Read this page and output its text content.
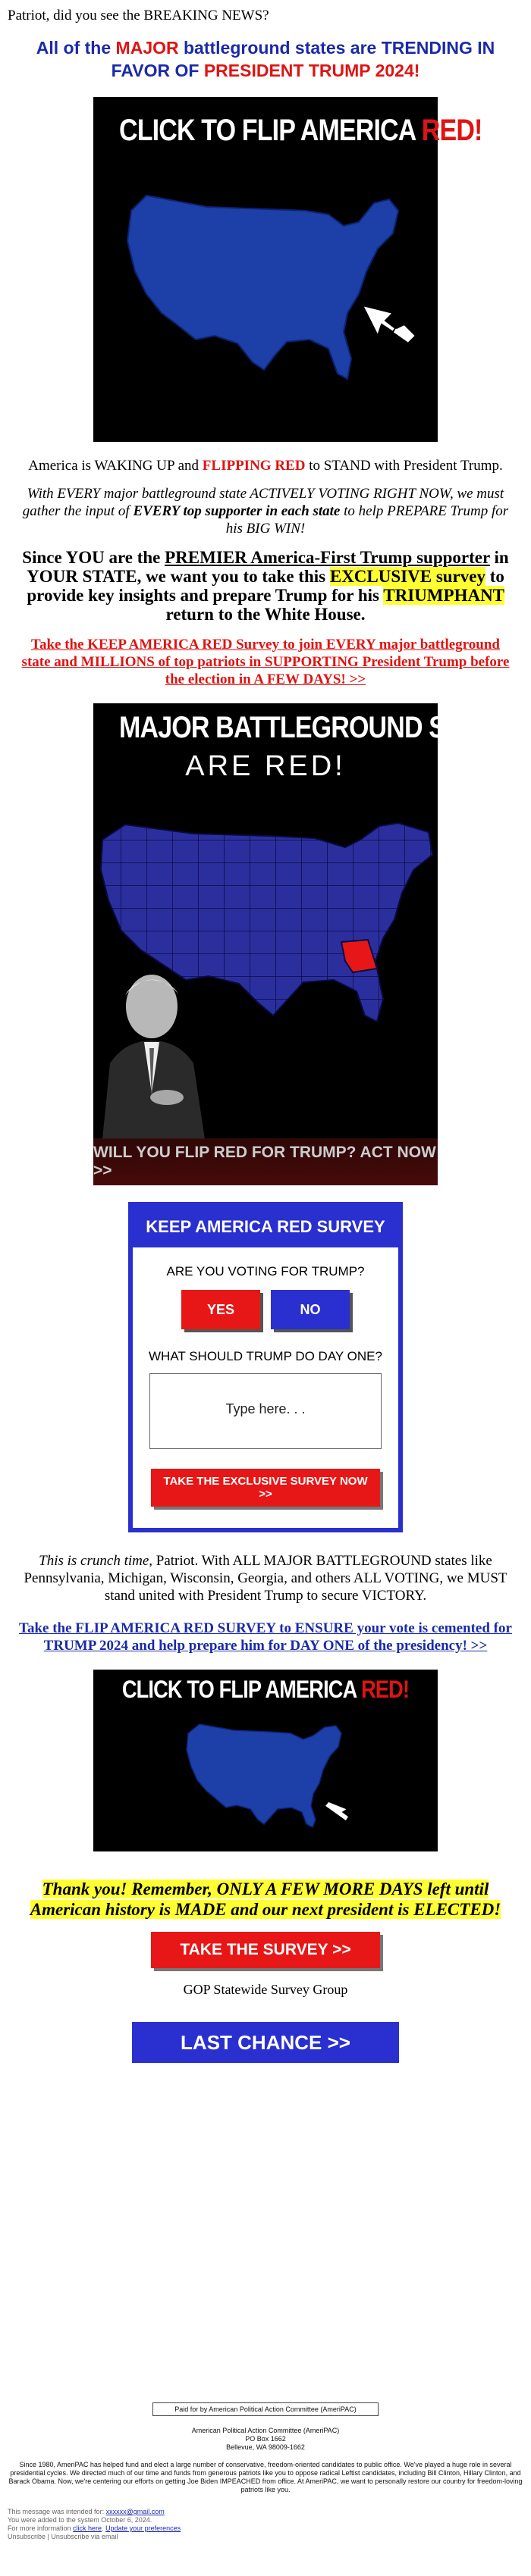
Patriot, did you see the BREAKING NEWS?

All of the MAJOR battleground states are TRENDING IN FAVOR OF PRESIDENT TRUMP 2024!
CLICK TO FLIP AMERICA RED!

America is WAKING UP and FLIPPING RED to STAND with President Trump.

With EVERY major battleground state ACTIVELY VOTING RIGHT NOW, we must gather the input of EVERY top supporter in each state to help PREPARE Trump for his BIG WIN!

Since YOU are the PREMIER America-First Trump supporter in YOUR STATE, we want you to take this EXCLUSIVE survey to provide key insights and prepare Trump for his TRIUMPHANT return to the White House.

Take the KEEP AMERICA RED Survey to join EVERY major battleground state and MILLIONS of top patriots in SUPPORTING President Trump before the election in A FEW DAYS! >>
MAJOR BATTLEGROUND STATES
ARE RED!
WILL YOU FLIP RED FOR TRUMP? ACT NOW >>
KEEP AMERICA RED SURVEY
ARE YOU VOTING FOR TRUMP?
YES	NO
WHAT SHOULD TRUMP DO DAY ONE?
Type here. . .
TAKE THE EXCLUSIVE SURVEY NOW >>

This is crunch time, Patriot. With ALL MAJOR BATTLEGROUND states like Pennsylvania, Michigan, Wisconsin, Georgia, and others ALL VOTING, we MUST stand united with President Trump to secure VICTORY.

Take the FLIP AMERICA RED SURVEY to ENSURE your vote is cemented for TRUMP 2024 and help prepare him for DAY ONE of the presidency! >>
CLICK TO FLIP AMERICA RED!

Thank you! Remember, ONLY A FEW MORE DAYS left until American history is MADE and our next president is ELECTED!

TAKE THE SURVEY >>

GOP Statewide Survey Group

LAST CHANCE >>
Paid for by American Political Action Committee (AmeriPAC)
American Political Action Committee (AmeriPAC)
PO Box 1662
Bellevue, WA 98009-1662
Since 1980, AmeriPAC has helped fund and elect a large number of conservative, freedom-oriented candidates to public office. We've played a huge role in several presidential cycles. We directed much of our time and funds from generous patriots like you to oppose radical Leftist candidates, including Bill Clinton, Hillary Clinton, and Barack Obama. Now, we're centering our efforts on getting Joe Biden IMPEACHED from office. At AmeriPAC, we want to personally restore our country for freedom-loving patriots like you.
This message was intended for: xxxxxx@gmail.com
You were added to the system October 6, 2024.
For more information click here. Update your preferences
Unsubscribe | Unsubscribe via email
